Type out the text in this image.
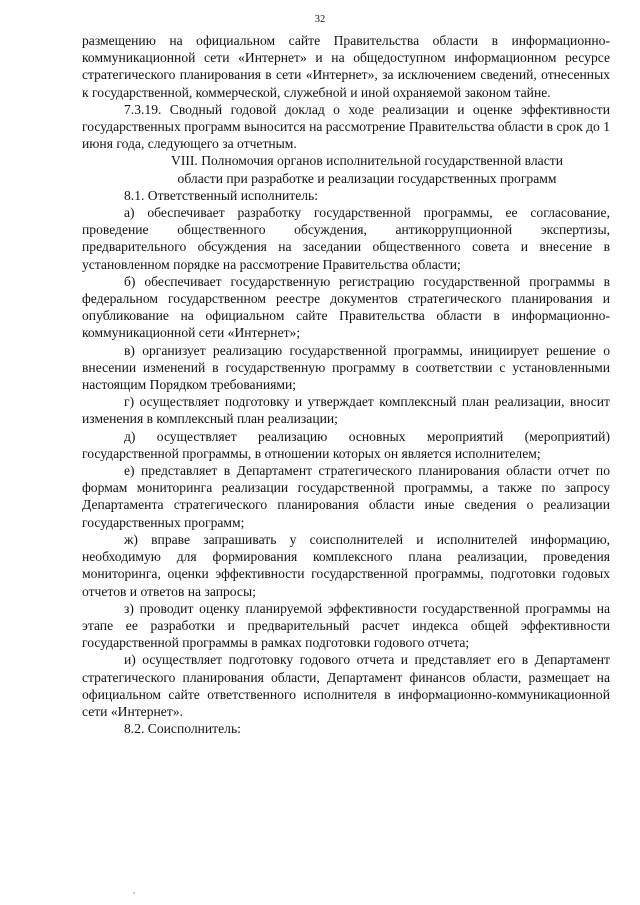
32

размещению на официальном сайте Правительства области в информационно-коммуникационной сети «Интернет» и на общедоступном информационном ресурсе стратегического планирования в сети «Интернет», за исключением сведений, отнесенных к государственной, коммерческой, служебной и иной охраняемой законом тайне.

7.3.19. Сводный годовой доклад о ходе реализации и оценке эффективности государственных программ выносится на рассмотрение Правительства области в срок до 1 июня года, следующего за отчетным.

VIII. Полномочия органов исполнительной государственной власти
области при разработке и реализации государственных программ

8.1. Ответственный исполнитель:

а) обеспечивает разработку государственной программы, ее согласование, проведение общественного обсуждения, антикоррупционной экспертизы, предварительного обсуждения на заседании общественного совета и внесение в установленном порядке на рассмотрение Правительства области;

б) обеспечивает государственную регистрацию государственной программы в федеральном государственном реестре документов стратегического планирования и опубликование на официальном сайте Правительства области в информационно-коммуникационной сети «Интернет»;

в) организует реализацию государственной программы, инициирует решение о внесении изменений в государственную программу в соответствии с установленными настоящим Порядком требованиями;

г) осуществляет подготовку и утверждает комплексный план реализации, вносит изменения в комплексный план реализации;

д) осуществляет реализацию основных мероприятий (мероприятий) государственной программы, в отношении которых он является исполнителем;

е) представляет в Департамент стратегического планирования области отчет по формам мониторинга реализации государственной программы, а также по запросу Департамента стратегического планирования области иные сведения о реализации государственных программ;

ж) вправе запрашивать у соисполнителей и исполнителей информацию, необходимую для формирования комплексного плана реализации, проведения мониторинга, оценки эффективности государственной программы, подготовки годовых отчетов и ответов на запросы;

з) проводит оценку планируемой эффективности государственной программы на этапе ее разработки и предварительный расчет индекса общей эффективности государственной программы в рамках подготовки годового отчета;

и) осуществляет подготовку годового отчета и представляет его в Департамент стратегического планирования области, Департамент финансов области, размещает на официальном сайте ответственного исполнителя в информационно-коммуникационной сети «Интернет».

8.2. Соисполнитель:
